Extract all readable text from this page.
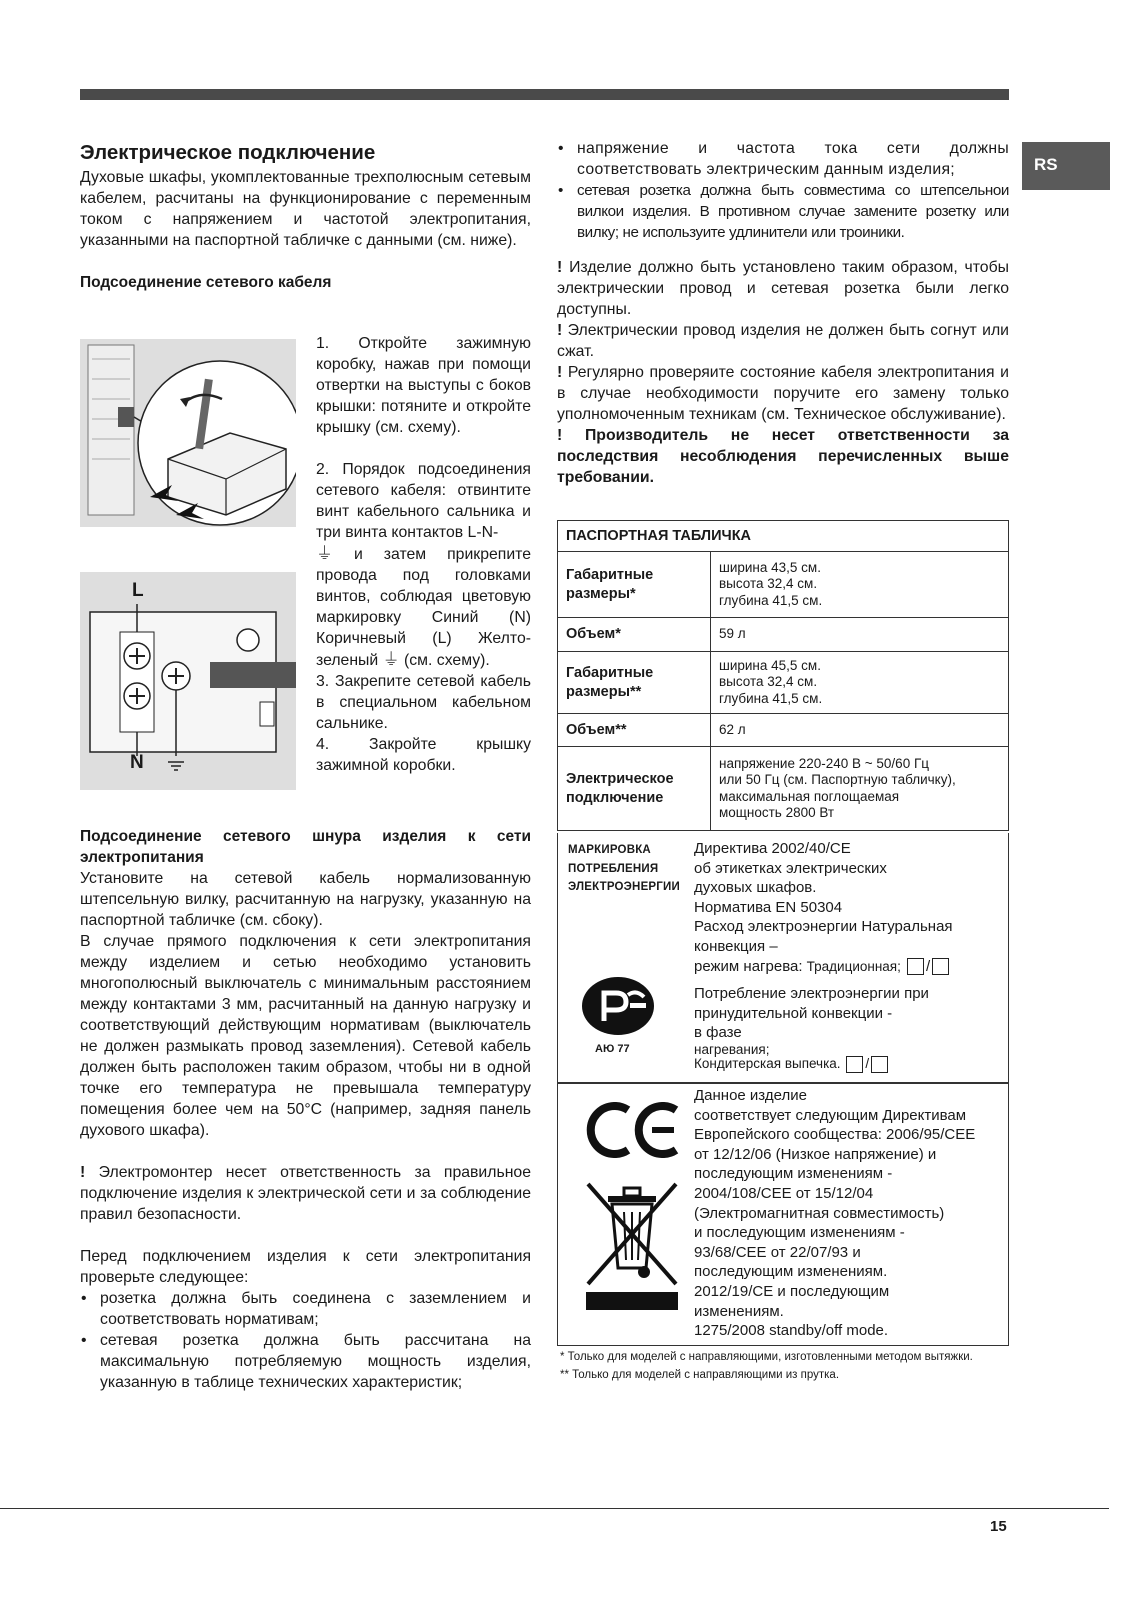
RS
Электрическое подключение

Духовые шкафы, укомплектованные трехполюсным сетевым кабелем, расчитаны на функционирование с переменным током с напряжением и частотой электропитания, указанными на паспортной табличке с данными (см. ниже).

Подсоединение сетевого кабеля

L
N

1. Откройте зажимную коробку, нажав при помощи отвертки на выступы с боков крышки: потяните и откройте крышку (см. схему).

2. Порядок подсоединения сетевого кабеля: отвинтите винт кабельного сальника и три винта контактов L-N-
⏚ и затем прикрепите провода под головками винтов, соблюдая цветовую маркировку Синий (N) Коричневый (L) Желто-зеленый ⏚ (см. схему).

3. Закрепите сетевой кабель в специальном кабельном сальнике.

4. Закройте крышку зажимной коробки.

Подсоединение сетевого шнура изделия к сети электропитания

Установите на сетевой кабель нормализованную штепсельную вилку, расчитанную на нагрузку, указанную на паспортной табличке (см. сбоку).

В случае прямого подключения к сети электропитания между изделием и сетью необходимо установить многополюсный выключатель с минимальным расстоянием между контактами 3 мм, расчитанный на данную нагрузку и соответствующий действующим нормативам (выключатель не должен размыкать провод заземления). Сетевой кабель должен быть расположен таким образом, чтобы ни в одной точке его температура не превышала температуру помещения более чем на 50°С (например, задняя панель духового шкафа).

! Электромонтер несет ответственность за правильное подключение изделия к электрической сети и за соблюдение правил безопасности.

Перед подключением изделия к сети электропитания проверьте следующее:

• розетка должна быть соединена с заземлением и соответствовать нормативам;
• сетевая розетка должна быть рассчитана на максимальную потребляемую мощность изделия, указанную в таблице технических характеристик;
• напряжение и частота тока сети должны соответствовать электрическим данным изделия;
• сетевая розетка должна быть совместима со штепсельнои вилкои изделия. В противном случае замените розетку или вилку; не используите удлинители или троиники.

! Изделие должно быть установлено таким образом, чтобы электрическии провод и сетевая розетка были легко доступны.

! Электрическии провод изделия не должен быть согнут или сжат.

! Регулярно проверяите состояние кабеля электропитания и в случае необходимости поручите его замену только уполномоченным техникам (см. Техническое обслуживание).

! Производитель не несет ответственности за последствия несоблюдения перечисленных выше требовании.

ПАСПОРТНАЯ ТАБЛИЧКА	
Габаритные размеры*	ширина 43,5 см.
высота 32,4 см.
глубина 41,5 см.

Объем*	59 л
Габаритные размеры**	ширина 45,5 см.
высота 32,4 см.
глубина 41,5 см.

Объем**	62 л
Электрическое подключение	напряжение 220-240 В ~ 50/60 Гц
или 50 Гц (см. Паспортную табличку),
максимальная поглощаемая
мощность 2800 Вт
МАРКИРОВКА
ПОТРЕБЛЕНИЯ
ЭЛЕКТРОЭНЕРГИИ
Директива 2002/40/CE
об этикетках электрических
духовых шкафов.
Норматива EN 50304
Расход электроэнергии Натуральная
конвекция –
режим нагрева: Традиционная; /
Потребление электроэнергии при
принудительной конвекции -
в фазе
нагревания;
Кондитерская выпечка. /
АЮ 77
Данное изделие
соответствует следующим Директивам
Европейского сообщества: 2006/95/CEE
от 12/12/06 (Низкое напряжение) и
последующим изменениям -
2004/108/CEE от 15/12/04
(Электромагнитная совместимость)
и последующим изменениям -
93/68/CEE от 22/07/93 и
последующим изменениям.
2012/19/CE и последующим
изменениям.
1275/2008 standby/off mode.
* Только для моделей с направляющими, изготовленными методом вытяжки.
** Только для моделей с направляющими из прутка.
15
